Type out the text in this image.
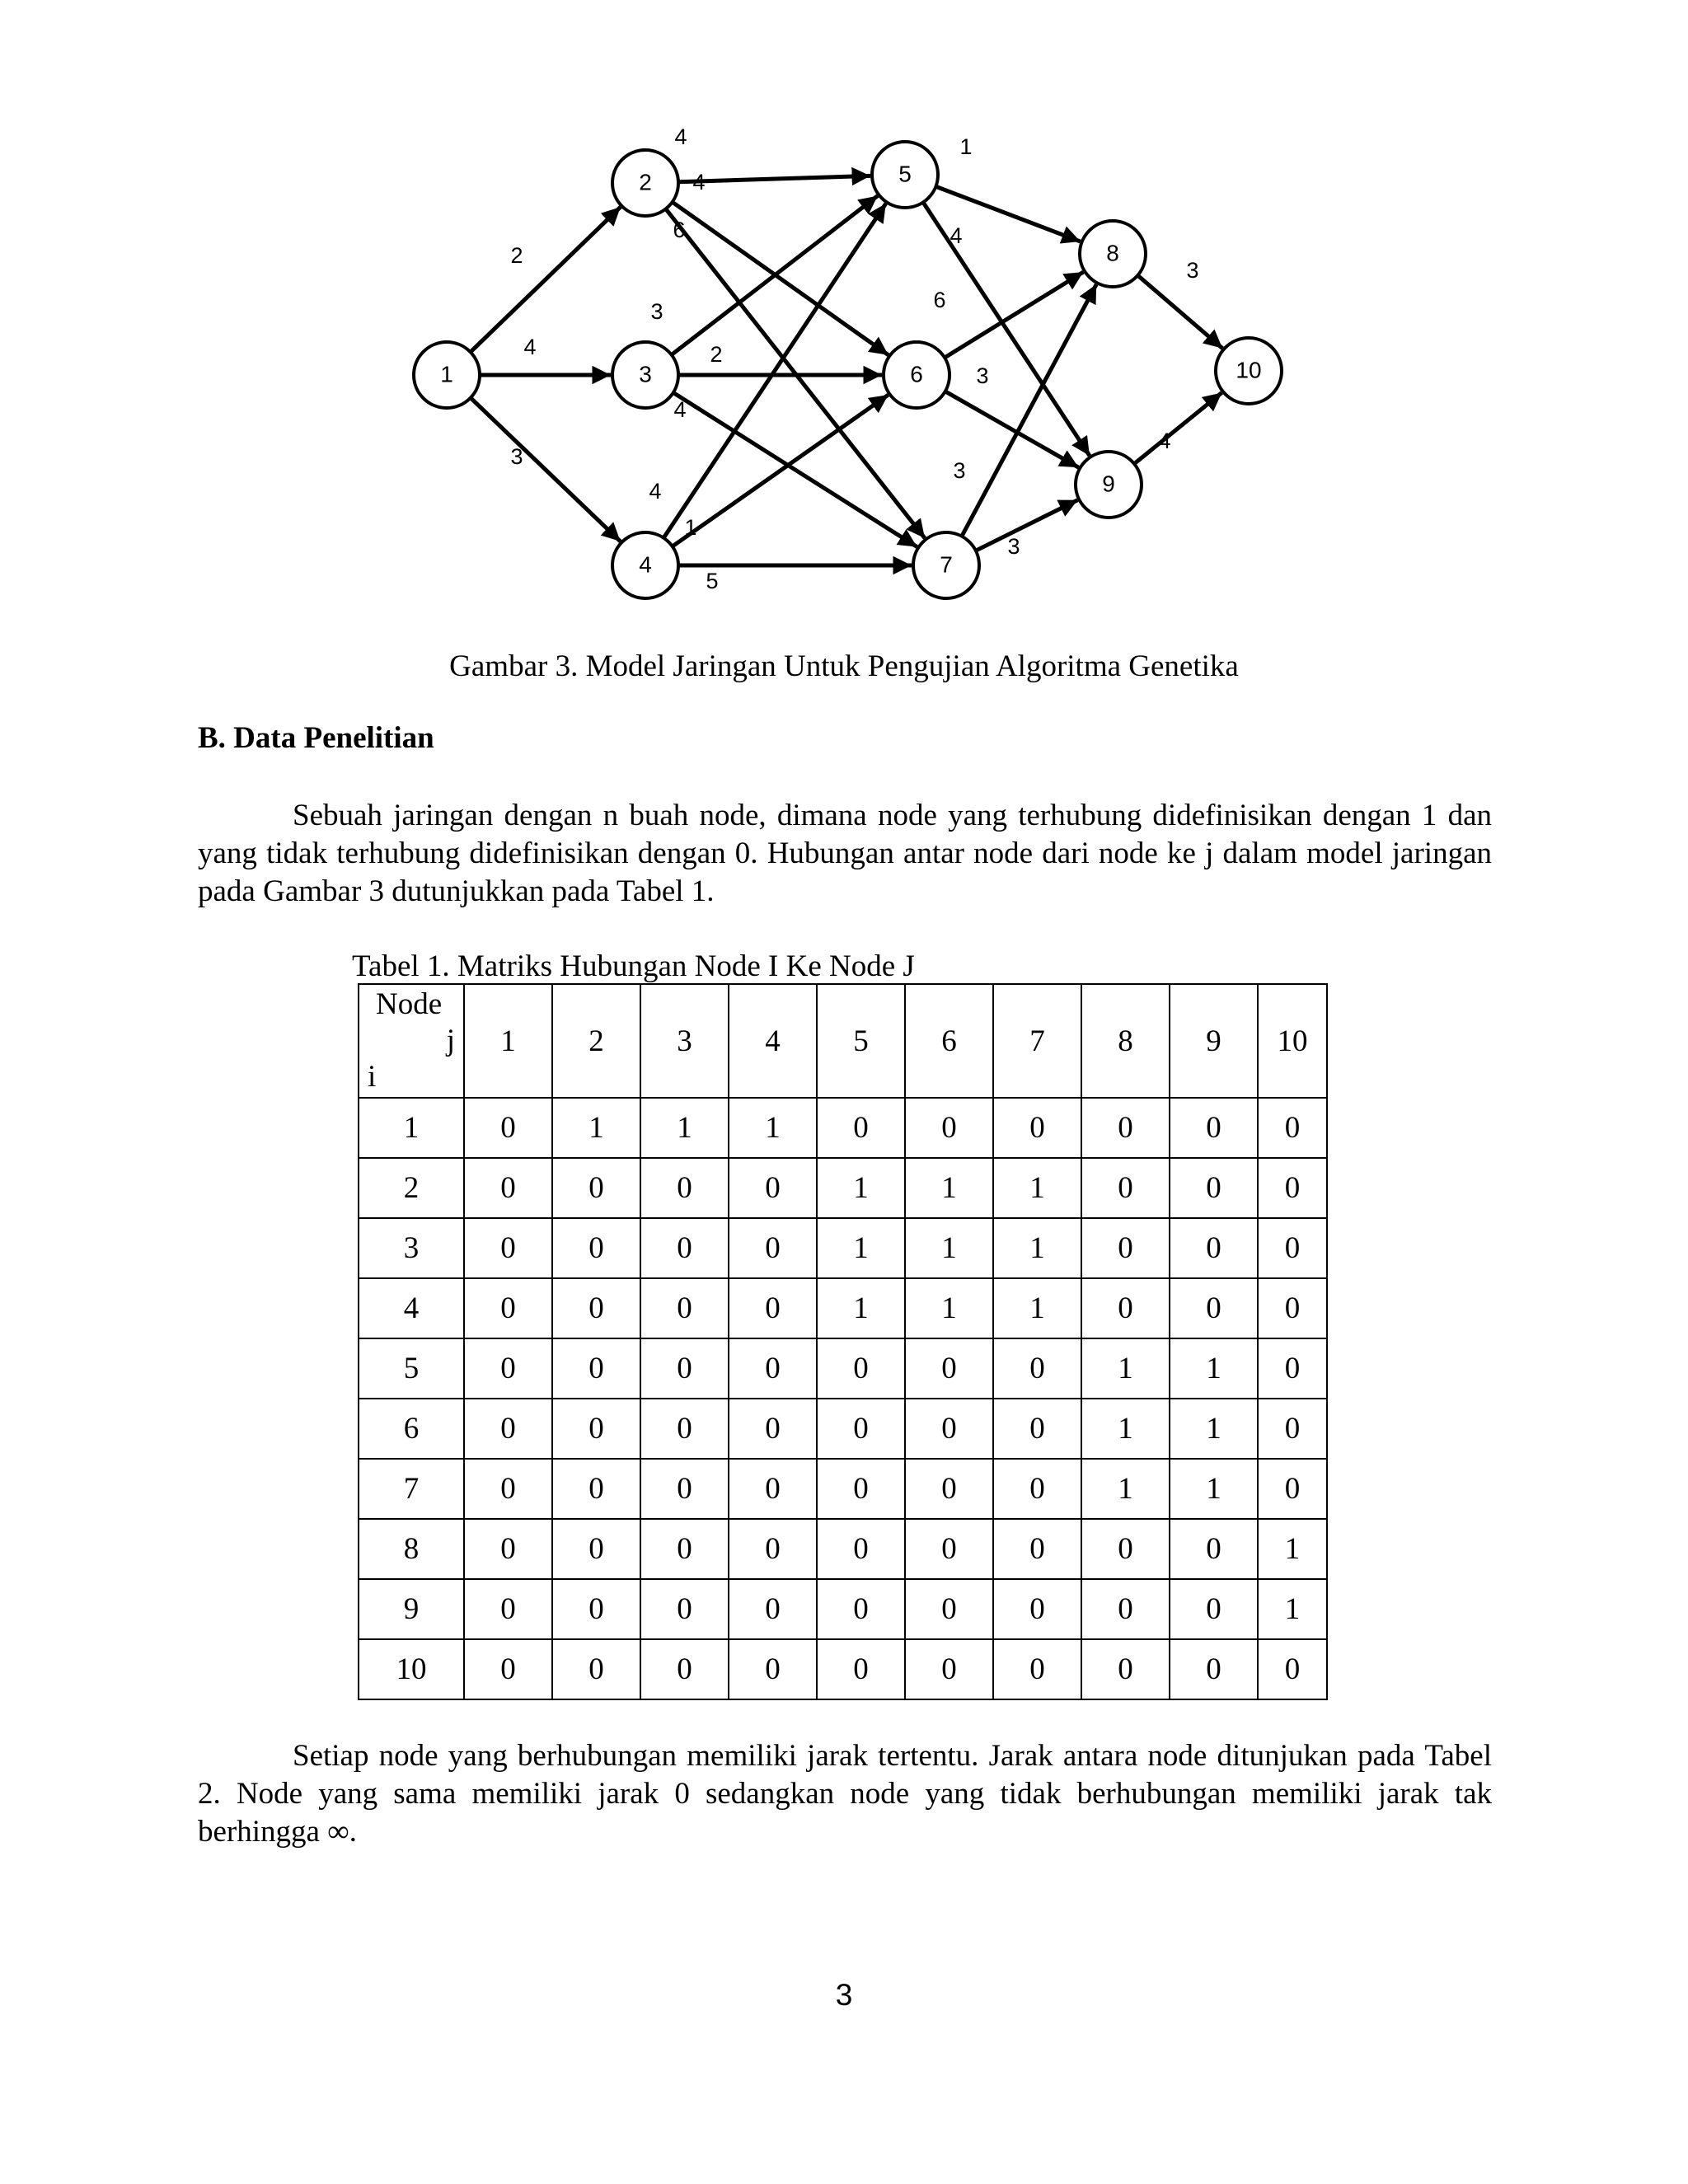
2
4
3
4
4
6
3
2
4
4
1
5
1
4
6
3
3
3
3
4
1
2
3
4
5
6
7
8
9
10
Gambar 3. Model Jaringan Untuk Pengujian Algoritma Genetika
B. Data Penelitian

Sebuah jaringan dengan n buah node, dimana node yang terhubung didefinisikan dengan 1 dan yang tidak terhubung didefinisikan dengan 0. Hubungan antar node dari node ke j dalam model jaringan pada Gambar 3 dutunjukkan pada Tabel 1.

Tabel 1. Matriks Hubungan Node I Ke Node J
Node
j
i	1	2	3	4	5	6	7	8	9	10
1	0	1	1	1	0	0	0	0	0	0
2	0	0	0	0	1	1	1	0	0	0
3	0	0	0	0	1	1	1	0	0	0
4	0	0	0	0	1	1	1	0	0	0
5	0	0	0	0	0	0	0	1	1	0
6	0	0	0	0	0	0	0	1	1	0
7	0	0	0	0	0	0	0	1	1	0
8	0	0	0	0	0	0	0	0	0	1
9	0	0	0	0	0	0	0	0	0	1
10	0	0	0	0	0	0	0	0	0	0

Setiap node yang berhubungan memiliki jarak tertentu. Jarak antara node ditunjukan pada Tabel 2. Node yang sama memiliki jarak 0 sedangkan node yang tidak berhubungan memiliki jarak tak berhingga ∞.

3
